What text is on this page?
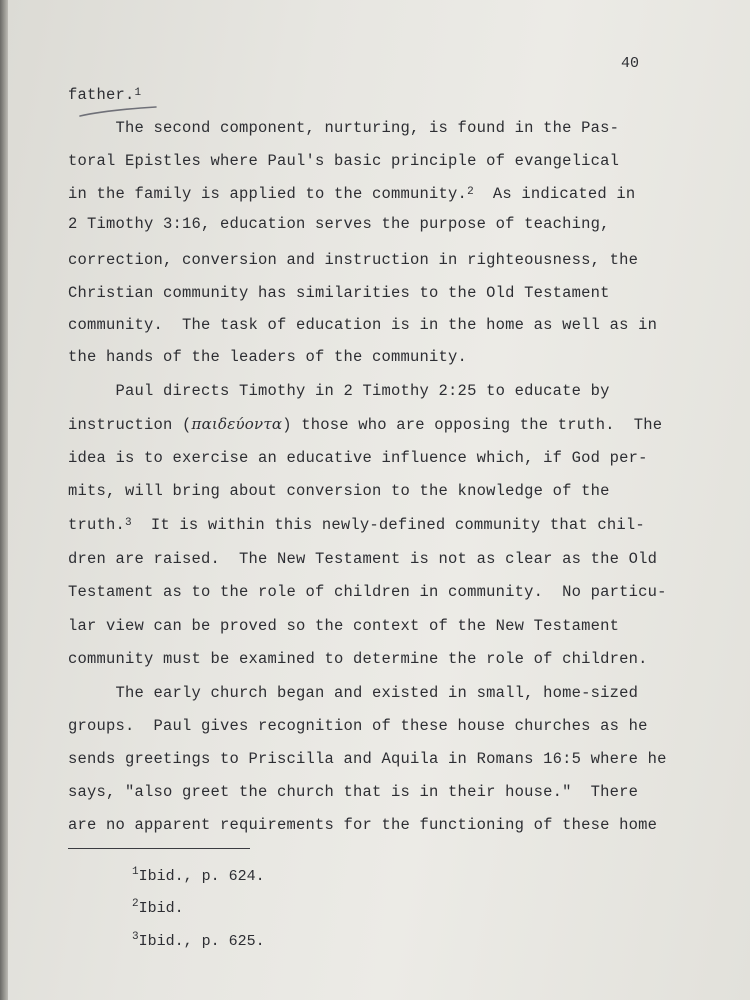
40
father.$^1$
The second component, nurturing, is found in the Pas-
toral Epistles where Paul's basic principle of evangelical
in the family is applied to the community.$^2$  As indicated in
2 Timothy 3:16, education serves the purpose of teaching,
correction, conversion and instruction in righteousness, the
Christian community has similarities to the Old Testament
community.  The task of education is in the home as well as in
the hands of the leaders of the community.
Paul directs Timothy in 2 Timothy 2:25 to educate by
instruction (παιδεύοντα) those who are opposing the truth.  The
idea is to exercise an educative influence which, if God per-
mits, will bring about conversion to the knowledge of the
truth.$^3$  It is within this newly-defined community that chil-
dren are raised.  The New Testament is not as clear as the Old
Testament as to the role of children in community.  No particu-
lar view can be proved so the context of the New Testament
community must be examined to determine the role of children.
The early church began and existed in small, home-sized
groups.  Paul gives recognition of these house churches as he
sends greetings to Priscilla and Aquila in Romans 16:5 where he
says, "also greet the church that is in their house."  There
are no apparent requirements for the functioning of these home
$^1$Ibid., p. 624.
$^2$Ibid.
$^3$Ibid., p. 625.
